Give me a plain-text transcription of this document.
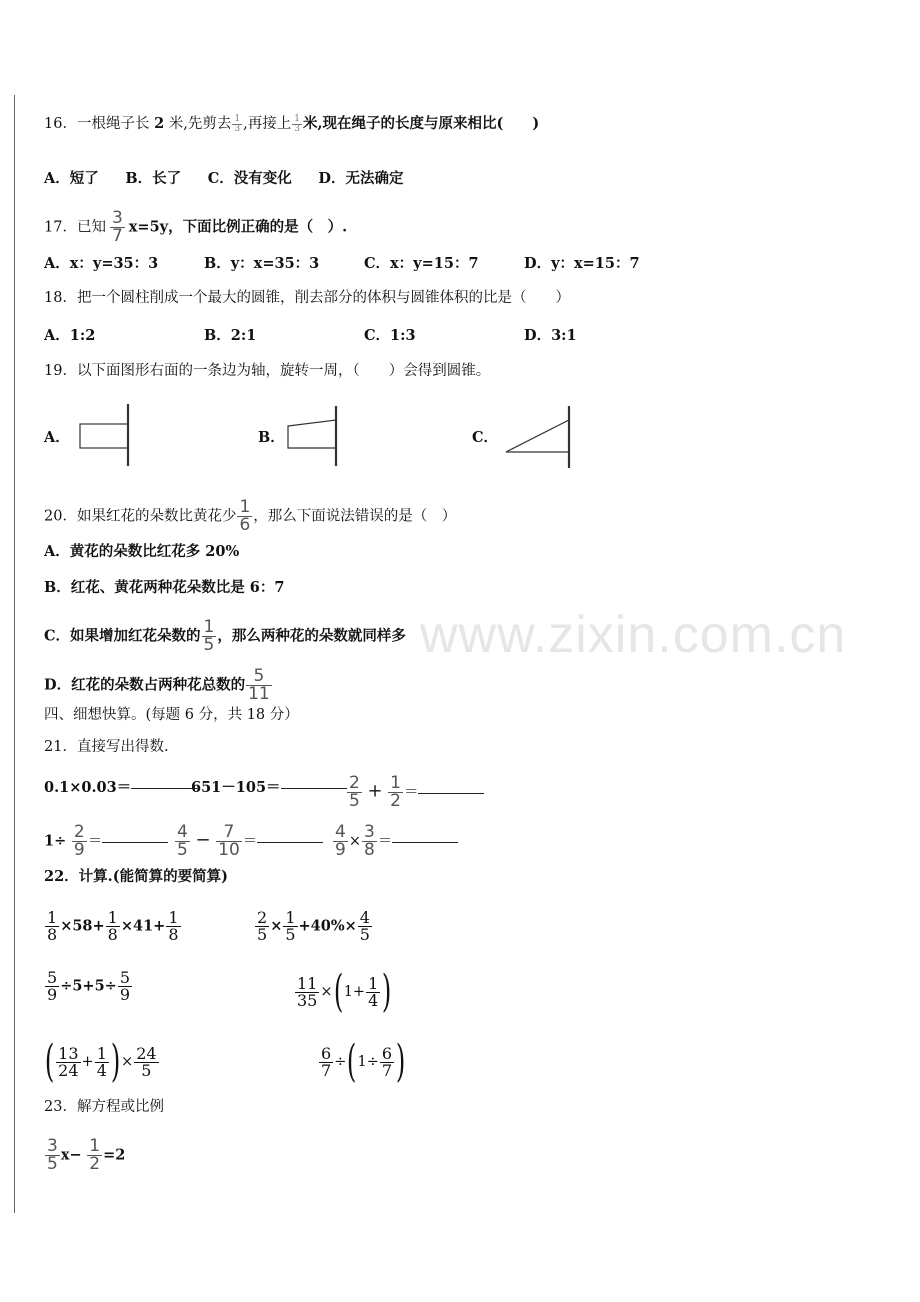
www.zixin.com.cn
16．一根绳子长 2 米,先剪去 $\frac{1}{3}$ ,再接上 $\frac{1}{3}$ 米,现在绳子的长度与原来相比(　　)
A．短了 B．长了 C．没有变化 D．无法确定
17．已知 $\frac{3}{7} x=5y$，下面比例正确的是（　）.
A．x：y=35：3	B．y：x=35：3	C．x：y=15：7	D．y：x=15：7
18．把一个圆柱削成一个最大的圆锥，削去部分的体积与圆锥体积的比是（　　）
A．1:2	B．2:1	C．1:3	D．3:1
19．以下面图形右面的一条边为轴，旋转一周，（　　）会得到圆锥。
A．	B．	C．
20．如果红花的朵数比黄花少 $\frac{1}{6}$ ，那么下面说法错误的是（　）
A．黄花的朵数比红花多 20%
B．红花、黄花两种花朵数比是 6：7
C．如果增加红花朵数的 $\frac{1}{5}$ ，那么两种花的朵数就同样多
D．红花的朵数占两种花总数的 $\frac{5}{11}$
四、细想快算。(每题 6 分，共 18 分）
21．直接写出得数.
0.1×0.03＝	651－105＝	$\frac{2}{5} + \frac{1}{2}$ ＝
$1\div \frac{2}{9}$ ＝	$\frac{4}{5} - \frac{7}{10}$ ＝	$\frac{4}{9} \times \frac{3}{8}$ ＝
22．计算.(能简算的要简算)
$\frac{1}{8} \times 58+ \frac{1}{8} \times 41+ \frac{1}{8}$	$\frac{2}{5} \times \frac{1}{5} +40\%\times \frac{4}{5}$
$\frac{5}{9} \div 5+5\div \frac{5}{9}$	$\frac{11}{35} \times(1+ \frac{1}{4}$ )
( $\frac{13}{24} + \frac{1}{4}$ )× $\frac{24}{5}$	$\frac{6}{7} \div(1\div \frac{6}{7}$ )
23．解方程或比例
$\frac{3}{5} x- \frac{1}{2} =2$
